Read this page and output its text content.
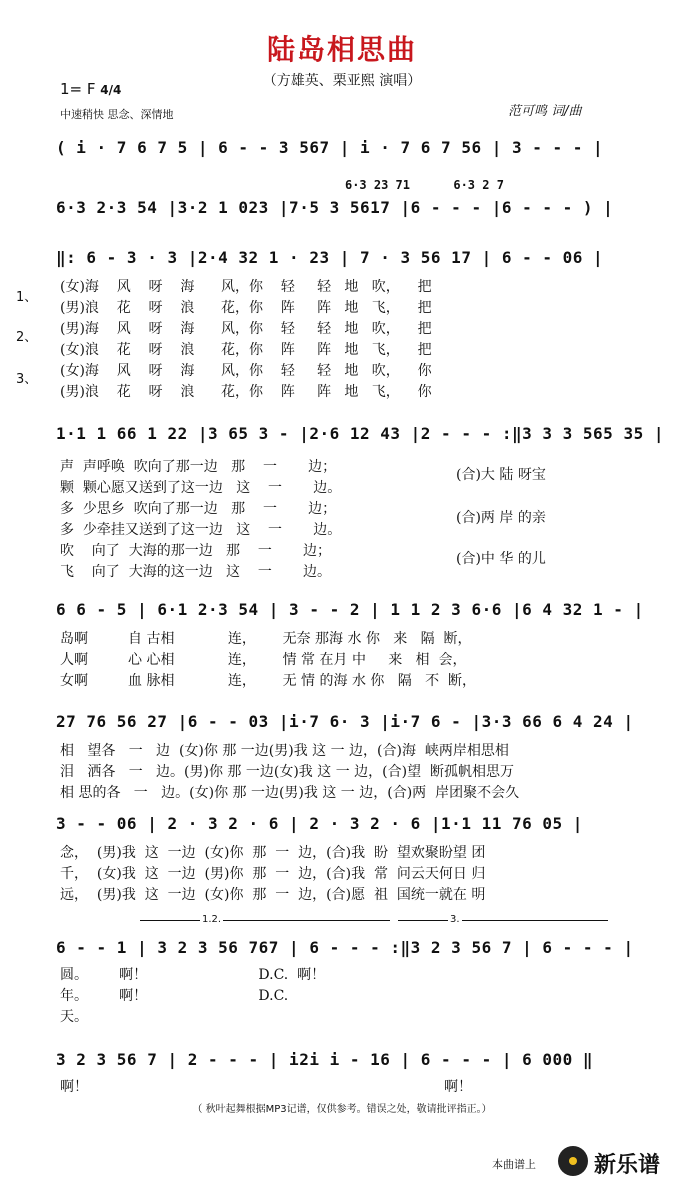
陆岛相思曲
（方雄英、栗亚熙 演唱）
1= F 4/4
中速稍快 思念、深情地	范可鸣 词/曲
( i · 7 6 7 5 | 6 - - 3 567 | i · 7 6 7 56 | 3 - - - |
6·3 23 71      6·3 2 7
6·3 2·3 54 |3·2 1 023 |7·5 3 5617 |6 - - - |6 - - - ) |
‖: 6 - 3 · 3 |2·4 32 1 · 23 | 7 · 3 56 17 | 6 - - 06 |
1、
2、
3、
(女)海    风    呀    海      风，你    轻     轻   地   吹，    把
(男)浪    花    呀    浪      花，你    阵     阵   地   飞，    把
(男)海    风    呀    海      风，你    轻     轻   地   吹，    把
(女)浪    花    呀    浪      花，你    阵     阵   地   飞，    把
(女)海    风    呀    海      风，你    轻     轻   地   吹，    你
(男)浪    花    呀    浪      花，你    阵     阵   地   飞，    你
1·1 1 66 1 22 |3 65 3 - |2·6 12 43 |2 - - - :‖3 3 3 565 35 |
声  声呼唤  吹向了那一边   那    一       边；
颗  颗心愿又送到了这一边   这    一       边。
多  少思乡  吹向了那一边   那    一       边；
多  少牵挂又送到了这一边   这    一       边。
吹    向了  大海的那一边   那    一       边；
飞    向了  大海的这一边   这    一       边。
(合)大 陆 呀宝
(合)两 岸 的亲
(合)中 华 的儿
6 6 - 5 | 6·1 2·3 54 | 3 - - 2 | 1 1 2 3 6·6 |6 4 32 1 - |
岛啊         自 古相            连，      无奈 那海 水 你   来   隔  断，
人啊         心 心相            连，      情 常 在月 中     来   相  会，
女啊         血 脉相            连，      无 情 的海 水 你   隔   不  断，
27 76 56 27 |6 - - 03 |i·7 6· 3 |i·7 6 - |3·3 66 6 4 24 |
相   望各   一   边  (女)你 那 一边(男)我 这 一 边，(合)海  峡两岸相思相
泪   洒各   一   边。(男)你 那 一边(女)我 这 一 边，(合)望  断孤帆相思万
相 思的各   一   边。(女)你 那 一边(男)我 这 一 边，(合)两  岸团聚不会久
3 - - 06 | 2 · 3 2 · 6 | 2 · 3 2 · 6 |1·1 11 76 05 |
念，  (男)我  这  一边  (女)你  那  一  边，(合)我  盼  望欢聚盼望 团
千，  (女)我  这  一边  (男)你  那  一  边，(合)我  常  问云天何日 归
远，  (男)我  这  一边  (女)你  那  一  边，(合)愿  祖  国统一就在 明
1.2.	3.
6 - - 1 | 3 2 3 56 767 | 6 - - - :‖3 2 3 56 7 | 6 - - - |
圆。       啊！                         D.C.  啊！
年。       啊！                         D.C.
天。
3 2 3 56 7 | 2 - - - | i2i i - 16 | 6 - - - | 6 000 ‖
啊！	啊！
（ 秋叶起舞根据MP3记谱，仅供参考。错误之处，敬请批评指正。）
本曲谱上	新乐谱
